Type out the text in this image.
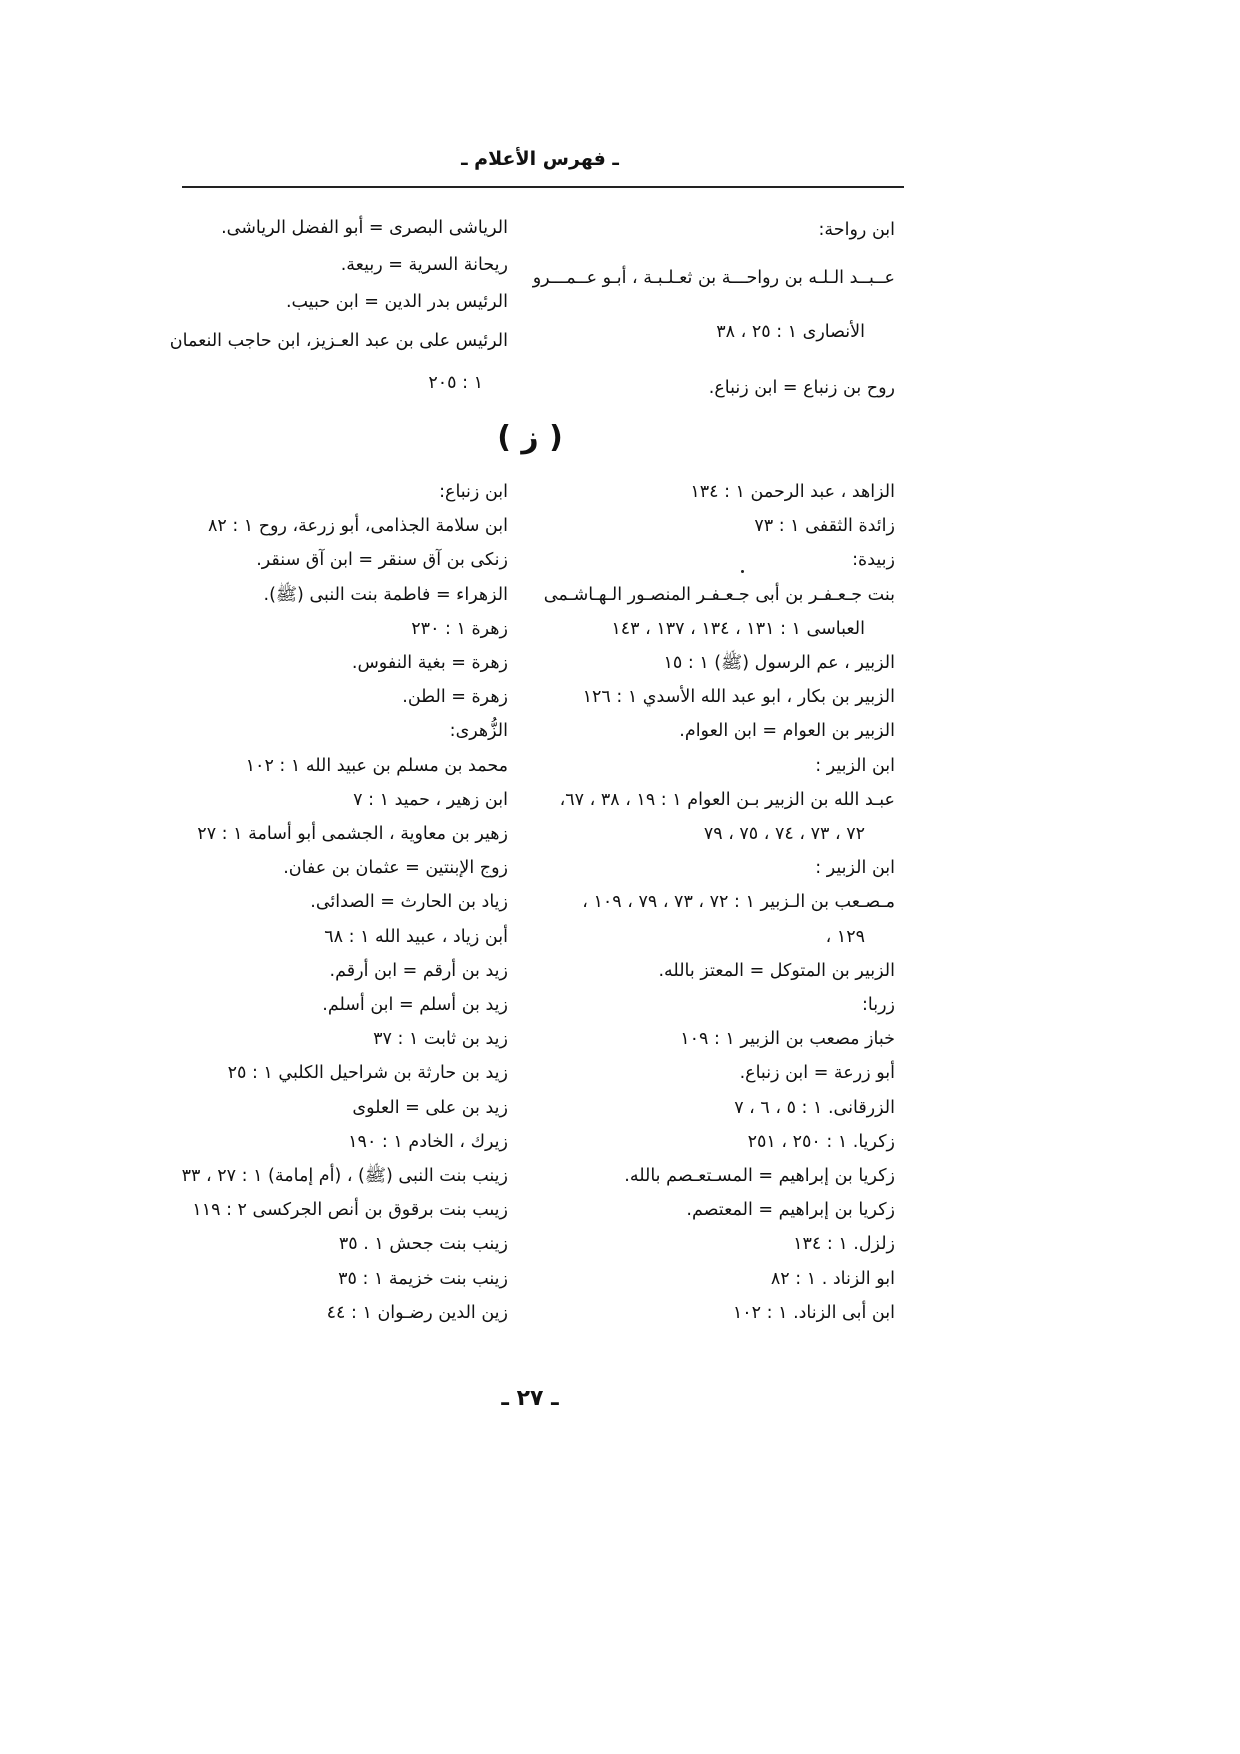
ـ فهرس الأعلام ـ
ابن رواحة:
عــبــد الـلـه بن رواحـــة بن ثعـلـبـة ، أبـو عــمـــرو
الأنصارى ١ : ٢٥ ، ٣٨
روح بن زنباع = ابن زنباع.
الرياشى البصرى = أبو الفضل الرياشى.
ريحانة السرية = ربيعة.
الرئيس بدر الدين = ابن حبيب.
الرئيس على بن عبد العـزيز، ابن حاجب النعمان
١ : ٢٠٥
( ز )
الزاهد ، عبد الرحمن ١ : ١٣٤
زائدة الثقفى ١ : ٧٣
زبيدة:
بنت جـعـفـر بن أبى جـعـفـر المنصـور الـهـاشـمى
العباسى ١ : ١٣١ ، ١٣٤ ، ١٣٧ ، ١٤٣
الزبير ، عم الرسول (ﷺ) ١ : ١٥
الزبير بن بكار ، ابو عبد الله الأسدي ١ : ١٢٦
الزبير بن العوام = ابن العوام.
ابن الزبير :
عبـد الله بن الزبير بـن العوام ١ : ١٩ ، ٣٨ ، ٦٧،
٧٢ ، ٧٣ ، ٧٤ ، ٧٥ ، ٧٩
ابن الزبير :
مـصـعب بن الـزبير ١ : ٧٢ ، ٧٣ ، ٧٩ ، ١٠٩ ،
١٢٩ ،
الزبير بن المتوكل = المعتز بالله.
زربا:
خباز مصعب بن الزبير ١ : ١٠٩
أبو زرعة = ابن زنباع.
الزرقانى. ١ : ٥ ، ٦ ، ٧
زكريا. ١ : ٢٥٠ ، ٢٥١
زكريا بن إبراهيم = المسـتعـصم بالله.
زكريا بن إبراهيم = المعتصم.
زلزل. ١ : ١٣٤
ابو الزناد . ١ : ٨٢
ابن أبى الزناد. ١ : ١٠٢
ابن زنباع:
ابن سلامة الجذامى، أبو زرعة، روح ١ : ٨٢
زنكى بن آق سنقر = ابن آق سنقر.
الزهراء = فاطمة بنت النبى (ﷺ).
زهرة ١ : ٢٣٠
زهرة = بغية النفوس.
زهرة = الطن.
الزُّهرى:
محمد بن مسلم بن عبيد الله ١ : ١٠٢
ابن زهير ، حميد ١ : ٧
زهير بن معاوية ، الجشمى أبو أسامة ١ : ٢٧
زوج الإبنتين = عثمان بن عفان.
زياد بن الحارث = الصدائى.
أبن زياد ، عبيد الله ١ : ٦٨
زيد بن أرقم = ابن أرقم.
زيد بن أسلم = ابن أسلم.
زيد بن ثابت ١ : ٣٧
زيد بن حارثة بن شراحيل الكلبي ١ : ٢٥
زيد بن على = العلوى
زيرك ، الخادم ١ : ١٩٠
زينب بنت النبى (ﷺ) ، (أم إمامة) ١ : ٢٧ ، ٣٣
زيىب بنت برقوق بن أنص الجركسى ٢ : ١١٩
زينب بنت جحش ١ . ٣٥
زينب بنت خزيمة ١ : ٣٥
زين الدين رضـوان ١ : ٤٤
ـ ٢٧ ـ
